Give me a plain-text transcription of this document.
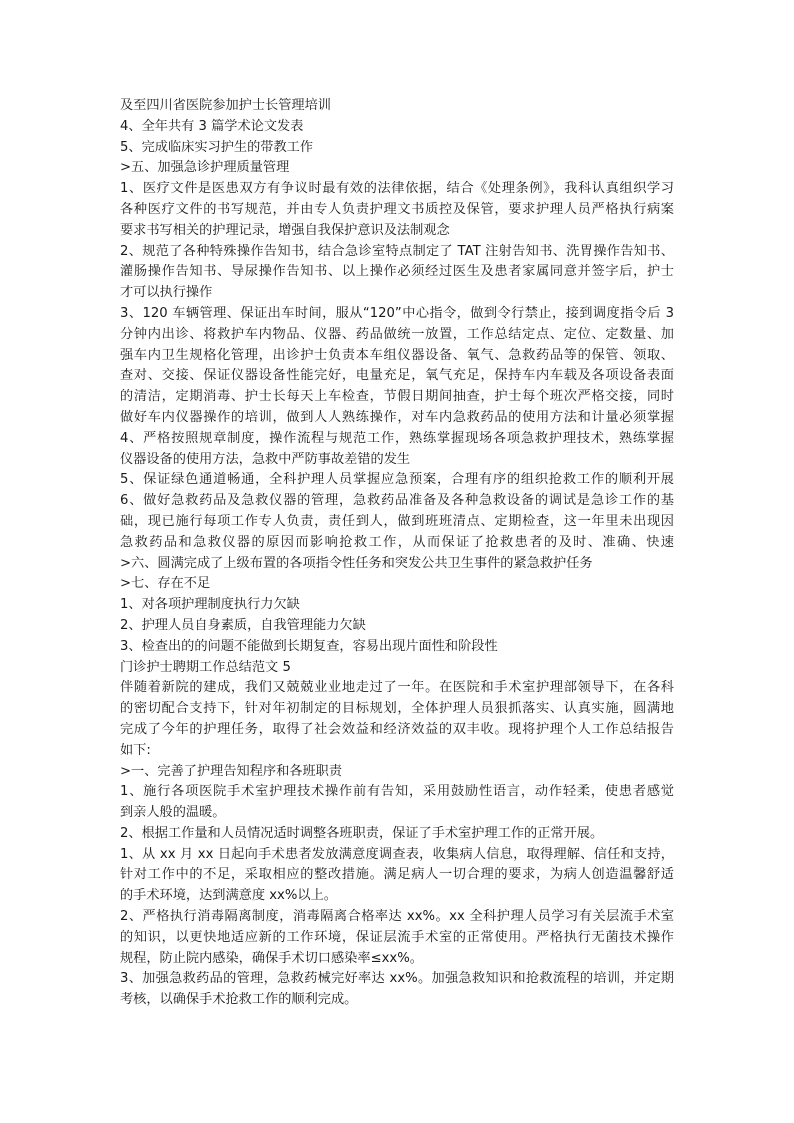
及至四川省医院参加护士长管理培训
4、全年共有 3 篇学术论文发表
5、完成临床实习护生的带教工作
>五、加强急诊护理质量管理
1、医疗文件是医患双方有争议时最有效的法律依据，结合《处理条例》，我科认真组织学习
各种医疗文件的书写规范，并由专人负责护理文书质控及保管，要求护理人员严格执行病案
要求书写相关的护理记录，增强自我保护意识及法制观念
2、规范了各种特殊操作告知书，结合急诊室特点制定了 TAT 注射告知书、洗胃操作告知书、
灌肠操作告知书、导尿操作告知书、以上操作必须经过医生及患者家属同意并签字后，护士
才可以执行操作
3、120 车辆管理、保证出车时间，服从“120”中心指令，做到令行禁止，接到调度指令后 3
分钟内出诊、将救护车内物品、仪器、药品做统一放置，工作总结定点、定位、定数量、加
强车内卫生规格化管理，出诊护士负责本车组仪器设备、氧气、急救药品等的保管、领取、
查对、交接、保证仪器设备性能完好，电量充足，氧气充足，保持车内车载及各项设备表面
的清洁，定期消毒、护士长每天上车检查，节假日期间抽查，护士每个班次严格交接，同时
做好车内仪器操作的培训，做到人人熟练操作，对车内急救药品的使用方法和计量必须掌握
4、严格按照规章制度，操作流程与规范工作，熟练掌握现场各项急救护理技术，熟练掌握
仪器设备的使用方法，急救中严防事故差错的发生
5、保证绿色通道畅通，全科护理人员掌握应急预案，合理有序的组织抢救工作的顺利开展
6、做好急救药品及急救仪器的管理，急救药品准备及各种急救设备的调试是急诊工作的基
础，现已施行每项工作专人负责，责任到人，做到班班清点、定期检查，这一年里未出现因
急救药品和急救仪器的原因而影响抢救工作，从而保证了抢救患者的及时、准确、快速
>六、圆满完成了上级布置的各项指令性任务和突发公共卫生事件的紧急救护任务
>七、存在不足
1、对各项护理制度执行力欠缺
2、护理人员自身素质，自我管理能力欠缺
3、检查出的的问题不能做到长期复查，容易出现片面性和阶段性
门诊护士聘期工作总结范文 5
伴随着新院的建成，我们又兢兢业业地走过了一年。在医院和手术室护理部领导下，在各科
的密切配合支持下，针对年初制定的目标规划，全体护理人员狠抓落实、认真实施，圆满地
完成了今年的护理任务，取得了社会效益和经济效益的双丰收。现将护理个人工作总结报告
如下:
>一、完善了护理告知程序和各班职责
1、施行各项医院手术室护理技术操作前有告知，采用鼓励性语言，动作轻柔，使患者感觉
到亲人般的温暖。
2、根据工作量和人员情况适时调整各班职责，保证了手术室护理工作的正常开展。
1、从 xx 月 xx 日起向手术患者发放满意度调查表，收集病人信息，取得理解、信任和支持，
针对工作中的不足，采取相应的整改措施。满足病人一切合理的要求，为病人创造温馨舒适
的手术环境，达到满意度 xx%以上。
2、严格执行消毒隔离制度，消毒隔离合格率达 xx%。xx 全科护理人员学习有关层流手术室
的知识，以更快地适应新的工作环境，保证层流手术室的正常使用。严格执行无菌技术操作
规程，防止院内感染，确保手术切口感染率≤xx%。
3、加强急救药品的管理，急救药械完好率达 xx%。加强急救知识和抢救流程的培训，并定期
考核，以确保手术抢救工作的顺利完成。
